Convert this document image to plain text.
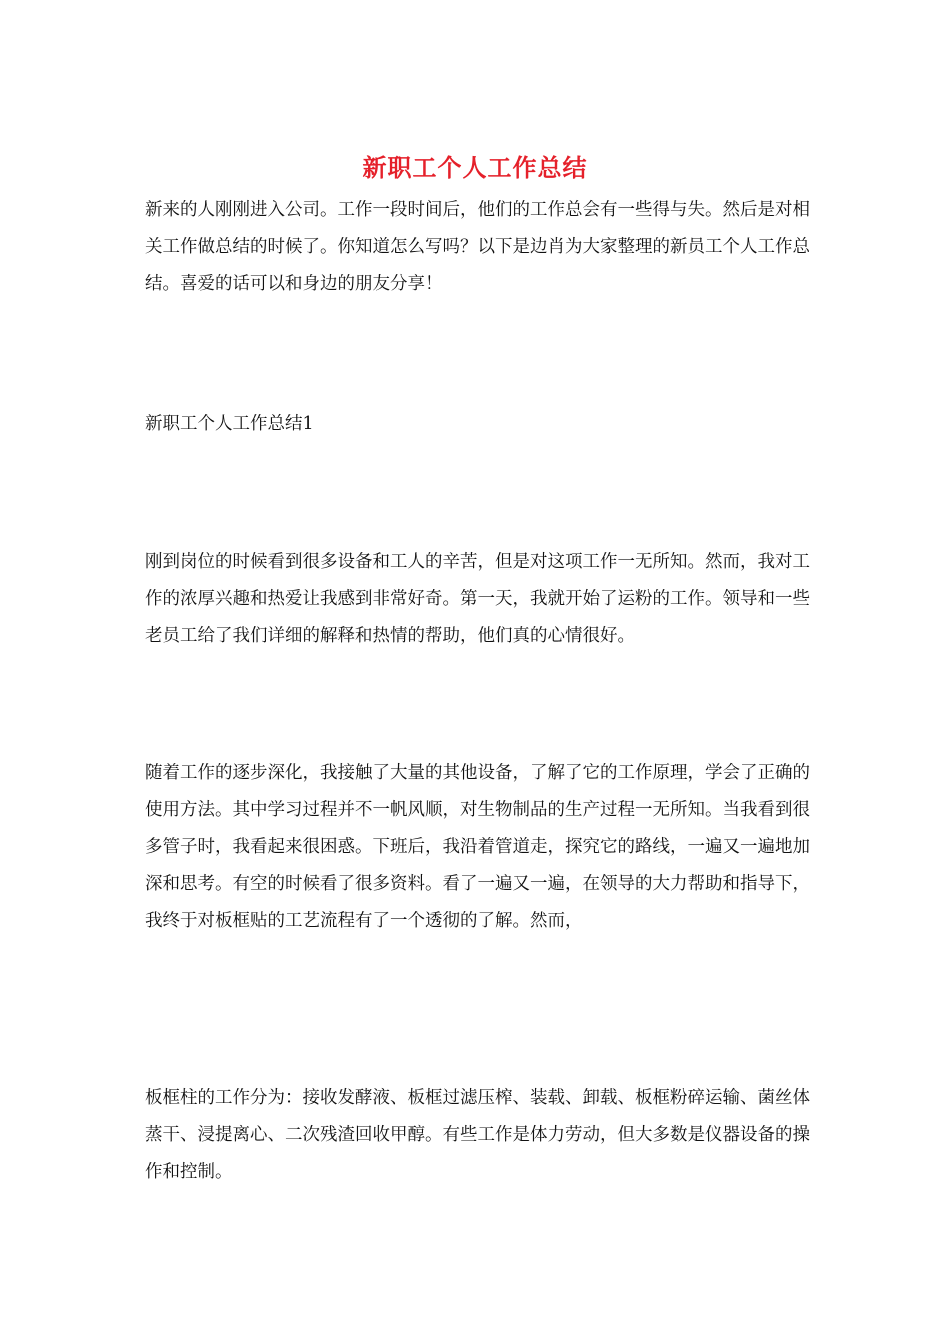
新职工个人工作总结

新来的人刚刚进入公司。工作一段时间后，他们的工作总会有一些得与失。然后是对相关工作做总结的时候了。你知道怎么写吗？以下是边肖为大家整理的新员工个人工作总结。喜爱的话可以和身边的朋友分享！

新职工个人工作总结1

刚到岗位的时候看到很多设备和工人的辛苦，但是对这项工作一无所知。然而，我对工作的浓厚兴趣和热爱让我感到非常好奇。第一天，我就开始了运粉的工作。领导和一些老员工给了我们详细的解释和热情的帮助，他们真的心情很好。

随着工作的逐步深化，我接触了大量的其他设备，了解了它的工作原理，学会了正确的使用方法。其中学习过程并不一帆风顺，对生物制品的生产过程一无所知。当我看到很多管子时，我看起来很困惑。下班后，我沿着管道走，探究它的路线，一遍又一遍地加深和思考。有空的时候看了很多资料。看了一遍又一遍，在领导的大力帮助和指导下，我终于对板框贴的工艺流程有了一个透彻的了解。然而，

板框柱的工作分为：接收发酵液、板框过滤压榨、装载、卸载、板框粉碎运输、菌丝体蒸干、浸提离心、二次残渣回收甲醇。有些工作是体力劳动，但大多数是仪器设备的操作和控制。
